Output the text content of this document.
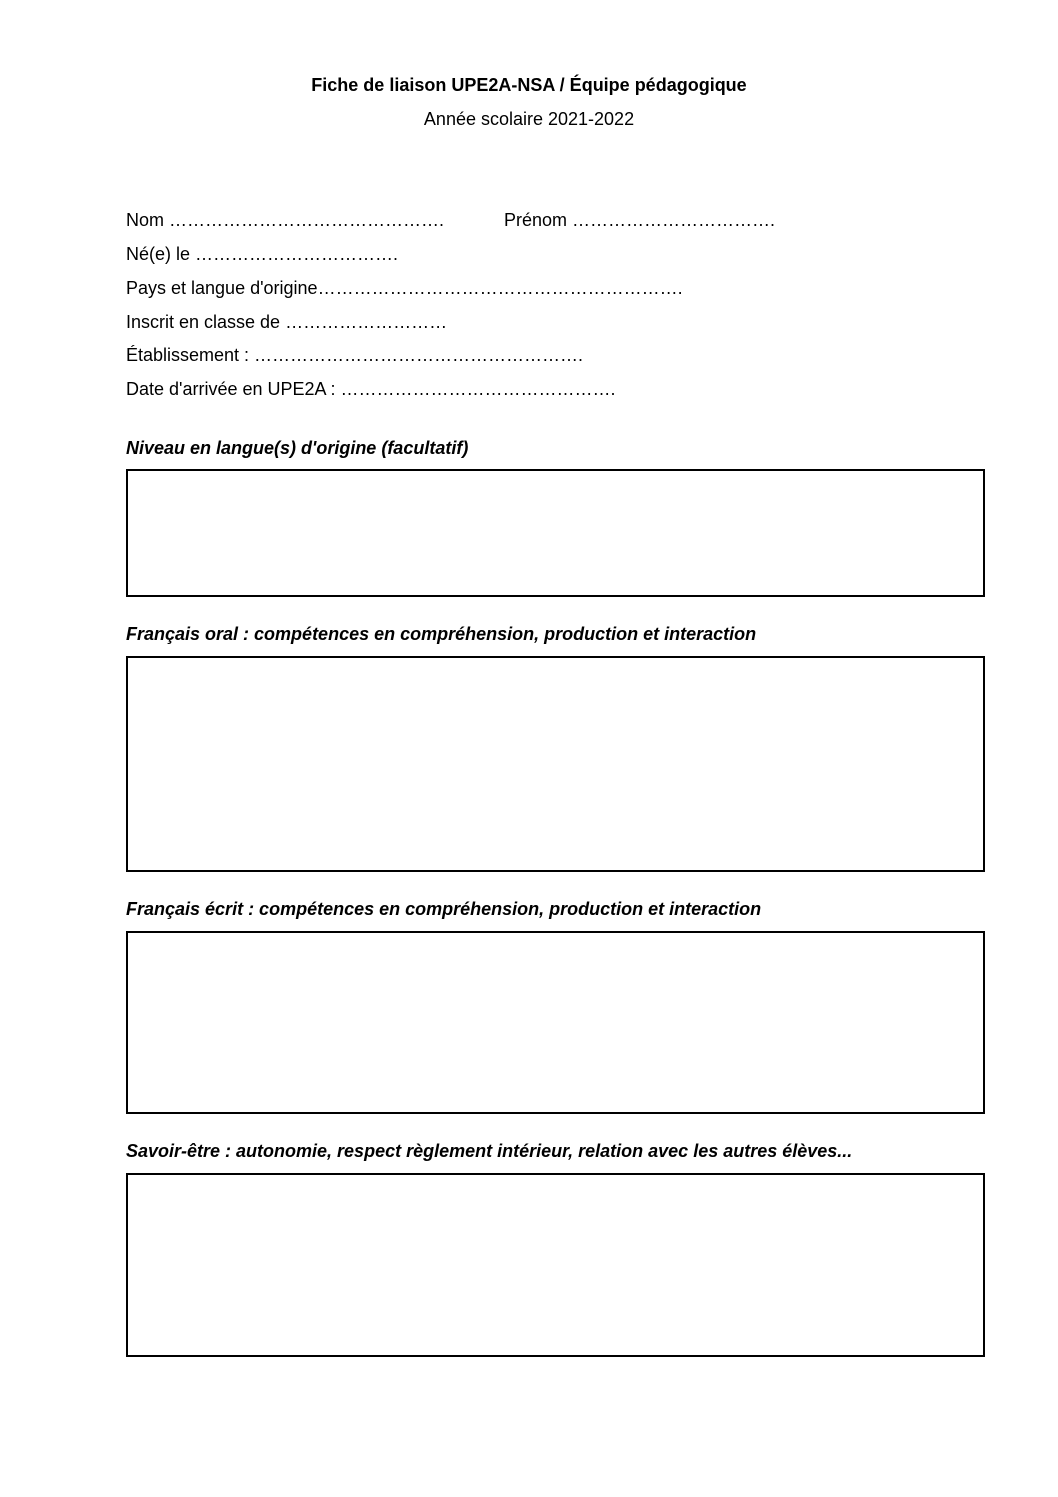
Fiche de liaison UPE2A-NSA / Équipe pédagogique
Année scolaire 2021-2022
Nom ……………………………………….	Prénom …………………………….
Né(e) le …………………………….
Pays et langue d'origine…………………………………………………….
Inscrit en classe de ………………………
Établissement : ……………………………………………….
Date d'arrivée en UPE2A : ……………………………………….
Niveau en langue(s) d'origine (facultatif)
Français oral : compétences en compréhension, production et interaction
Français écrit : compétences en compréhension, production et interaction
Savoir-être : autonomie, respect règlement intérieur, relation avec les autres élèves...
